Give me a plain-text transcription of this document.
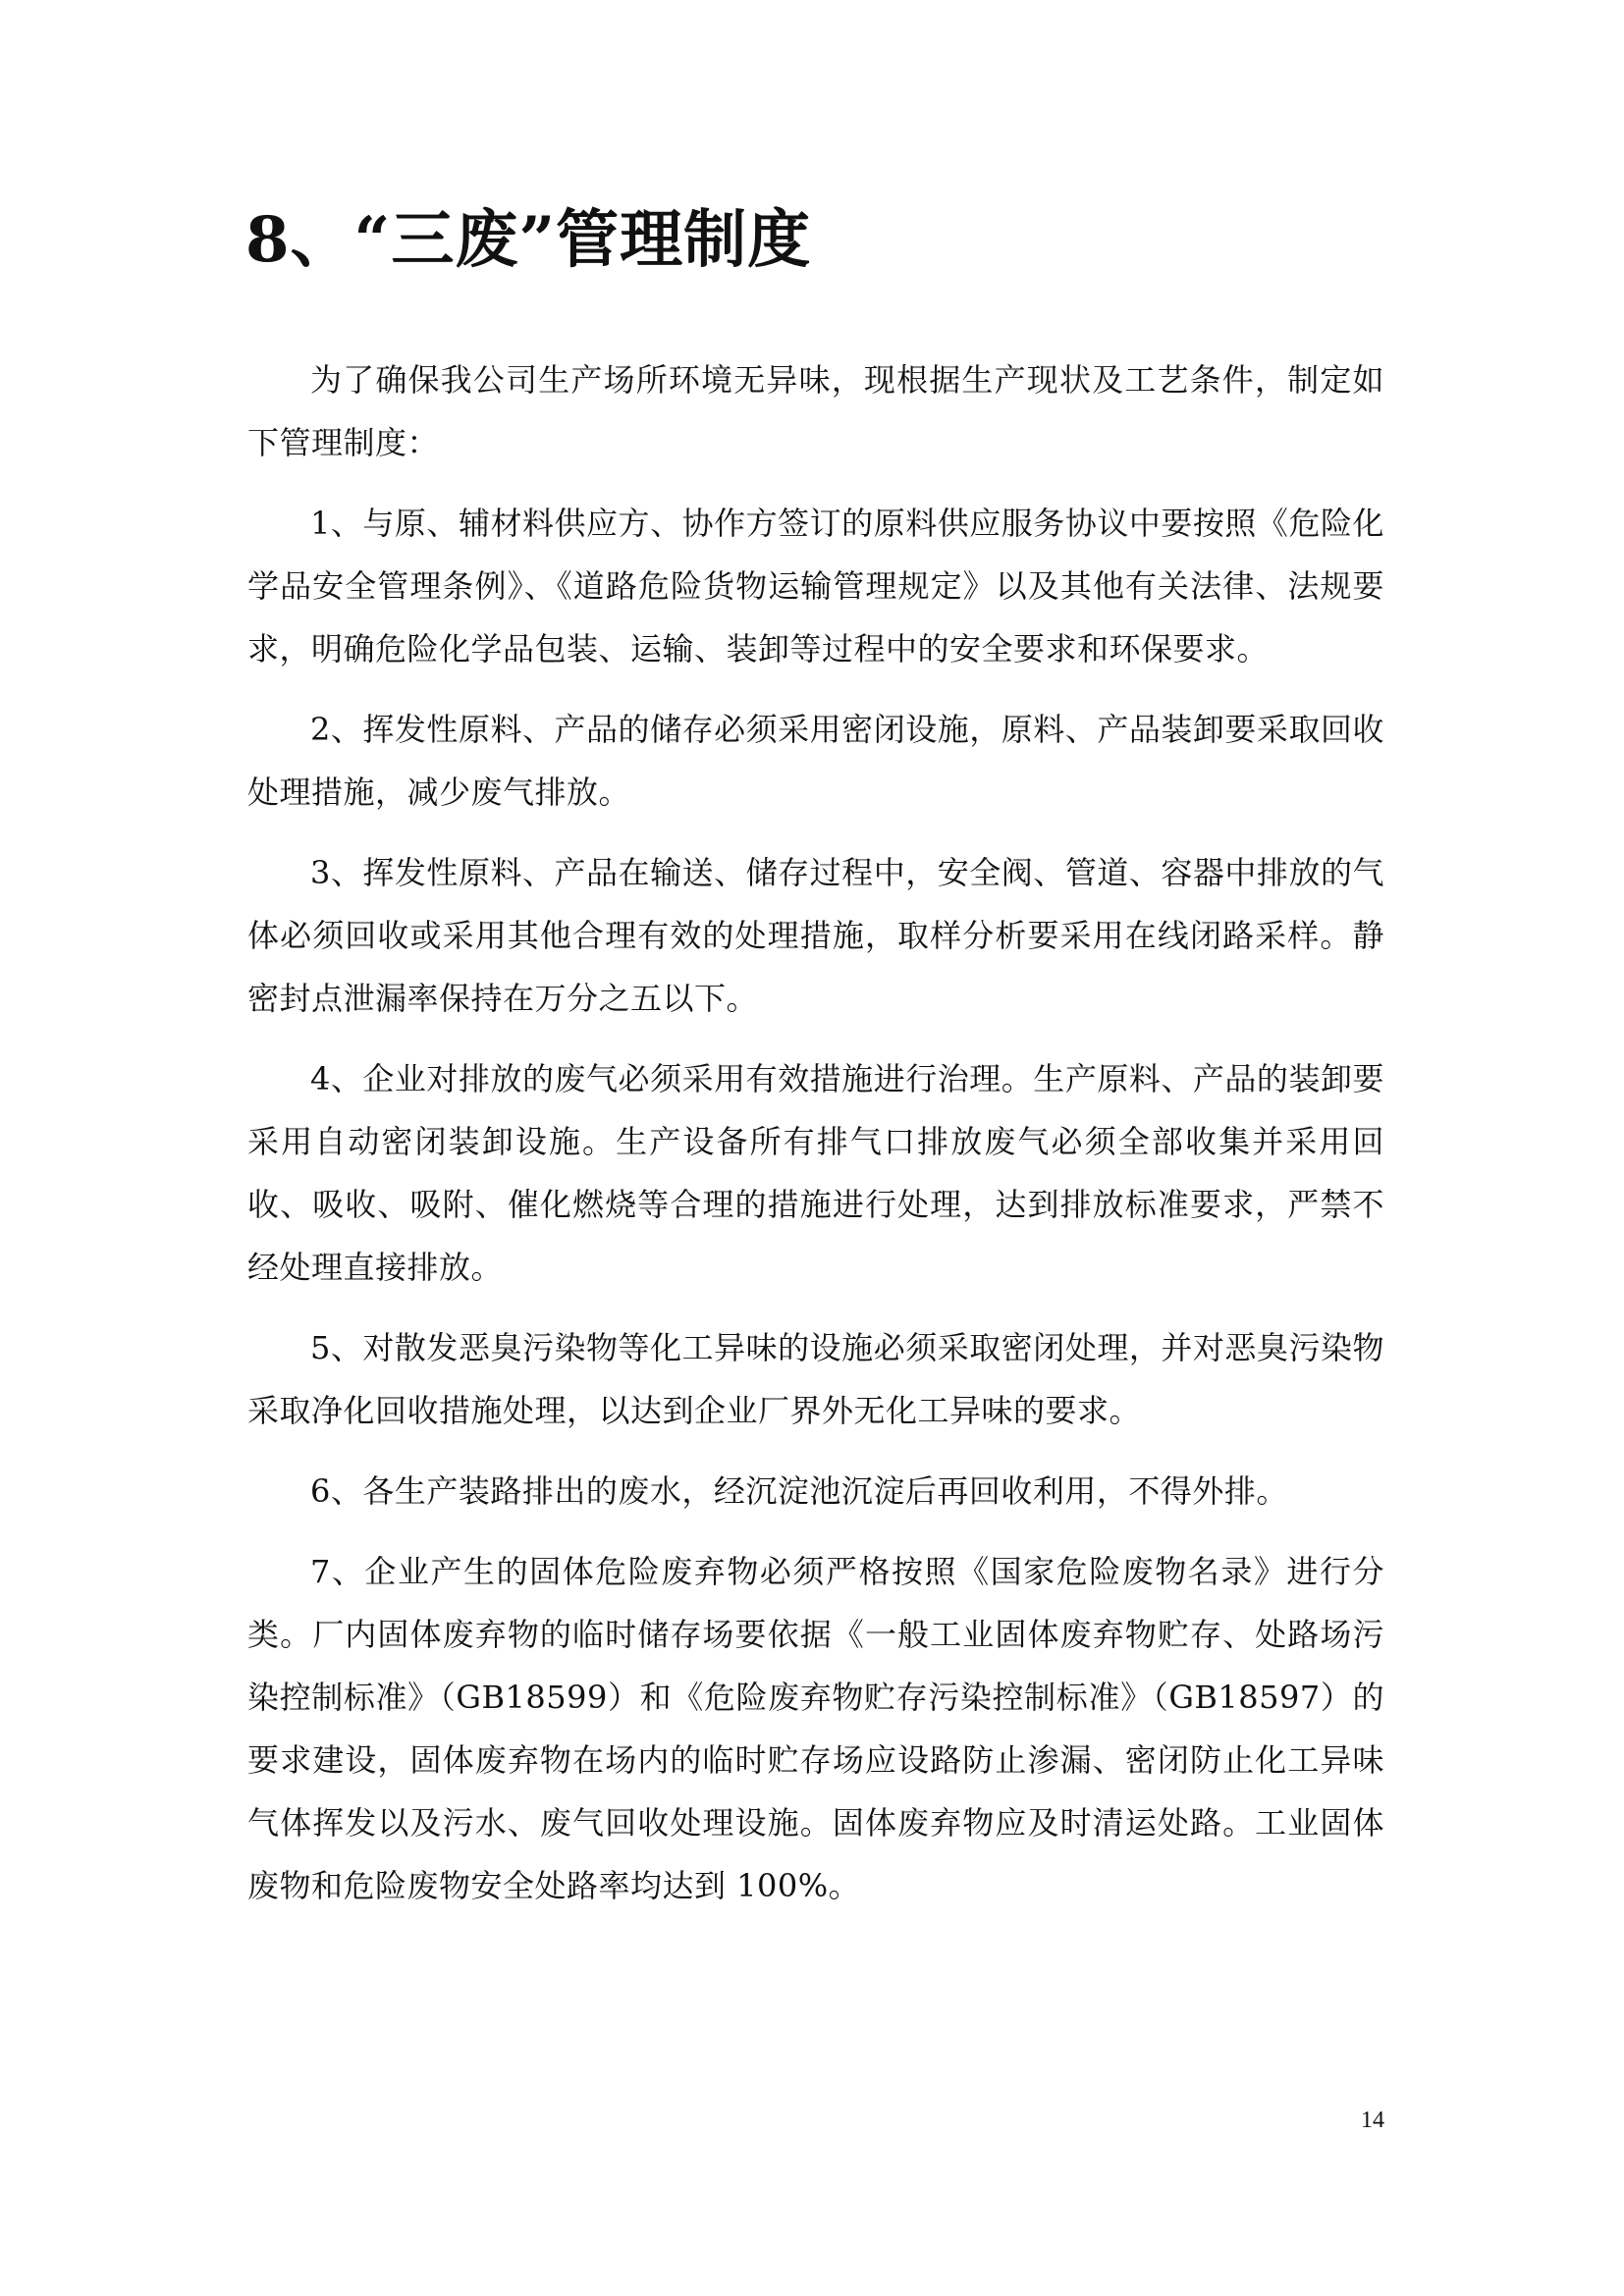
8、“三废”管理制度

为了确保我公司生产场所环境无异味，现根据生产现状及工艺条件，制定如下管理制度：

1、与原、辅材料供应方、协作方签订的原料供应服务协议中要按照《危险化学品安全管理条例》、《道路危险货物运输管理规定》以及其他有关法律、法规要求，明确危险化学品包装、运输、装卸等过程中的安全要求和环保要求。

2、挥发性原料、产品的储存必须采用密闭设施，原料、产品装卸要采取回收处理措施，减少废气排放。

3、挥发性原料、产品在输送、储存过程中，安全阀、管道、容器中排放的气体必须回收或采用其他合理有效的处理措施，取样分析要采用在线闭路采样。静密封点泄漏率保持在万分之五以下。

4、企业对排放的废气必须采用有效措施进行治理。生产原料、产品的装卸要采用自动密闭装卸设施。生产设备所有排气口排放废气必须全部收集并采用回收、吸收、吸附、催化燃烧等合理的措施进行处理，达到排放标准要求，严禁不经处理直接排放。

5、对散发恶臭污染物等化工异味的设施必须采取密闭处理，并对恶臭污染物采取净化回收措施处理，以达到企业厂界外无化工异味的要求。

6、各生产装路排出的废水，经沉淀池沉淀后再回收利用，不得外排。

7、企业产生的固体危险废弃物必须严格按照《国家危险废物名录》进行分类。厂内固体废弃物的临时储存场要依据《一般工业固体废弃物贮存、处路场污染控制标准》（GB18599）和《危险废弃物贮存污染控制标准》（GB18597）的要求建设，固体废弃物在场内的临时贮存场应设路防止渗漏、密闭防止化工异味气体挥发以及污水、废气回收处理设施。固体废弃物应及时清运处路。工业固体废物和危险废物安全处路率均达到 100%。

14
